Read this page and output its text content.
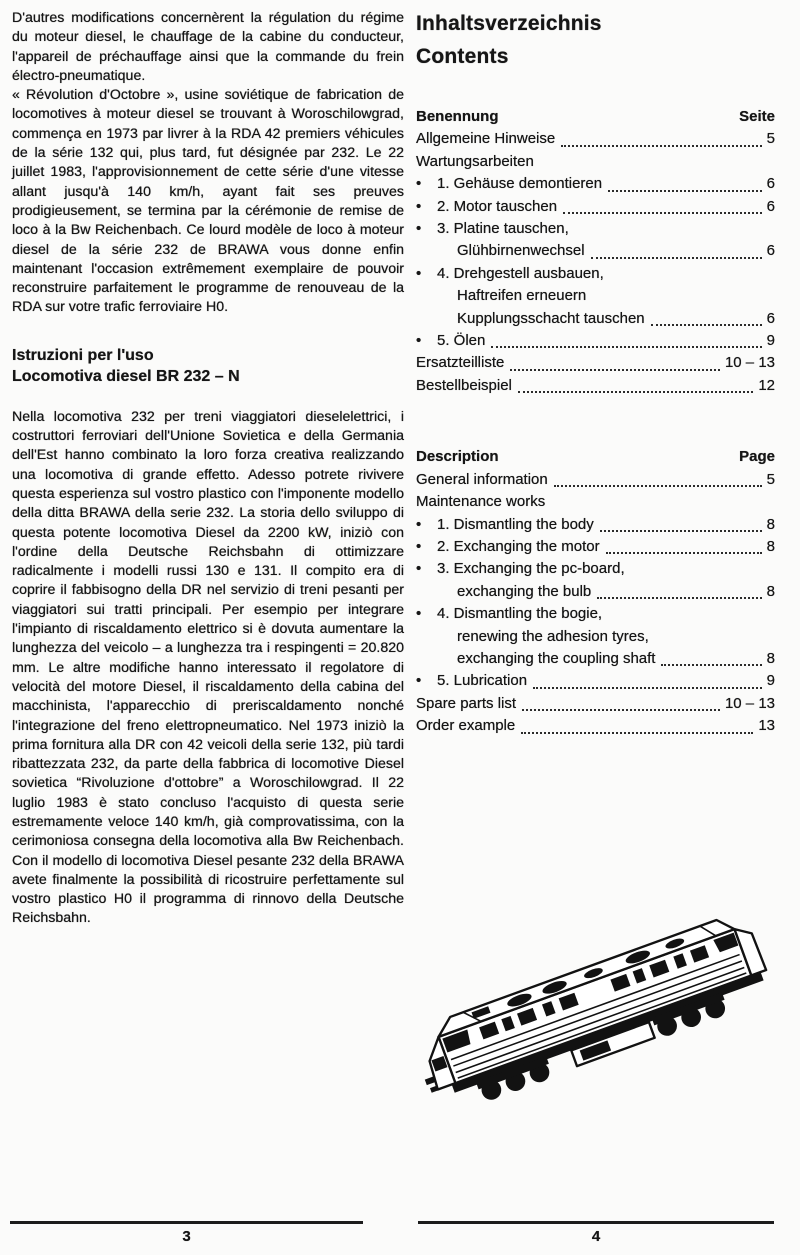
D'autres modifications concernèrent la régulation du régime du moteur diesel, le chauffage de la cabine du conducteur, l'appareil de préchauffage ainsi que la commande du frein électro-pneumatique.

« Révolution d'Octobre », usine soviétique de fabrication de locomotives à moteur diesel se trouvant à Woroschilowgrad, commença en 1973 par livrer à la RDA 42 premiers véhicules de la série 132 qui, plus tard, fut désignée par 232. Le 22 juillet 1983, l'approvisionnement de cette série d'une vitesse allant jusqu'à 140 km/h, ayant fait ses preuves prodigieusement, se termina par la cérémonie de remise de loco à la Bw Reichenbach. Ce lourd modèle de loco à moteur diesel de la série 232 de BRAWA vous donne enfin maintenant l'occasion extrêmement exemplaire de pouvoir reconstruire parfaitement le programme de renouveau de la RDA sur votre trafic ferroviaire H0.

Istruzioni per l'uso
Locomotiva diesel BR 232 – N

Nella locomotiva 232 per treni viaggiatori dieselelettrici, i costruttori ferroviari dell'Unione Sovietica e della Germania dell'Est hanno combinato la loro forza creativa realizzando una locomotiva di grande effetto. Adesso potrete rivivere questa esperienza sul vostro plastico con l'imponente modello della ditta BRAWA della serie 232. La storia dello sviluppo di questa potente locomotiva Diesel da 2200 kW, iniziò con l'ordine della Deutsche Reichsbahn di ottimizzare radicalmente i modelli russi 130 e 131. Il compito era di coprire il fabbisogno della DR nel servizio di treni pesanti per viaggiatori sui tratti principali. Per esempio per integrare l'impianto di riscaldamento elettrico si è dovuta aumentare la lunghezza del veicolo – a lunghezza tra i respingenti = 20.820 mm. Le altre modifiche hanno interessato il regolatore di velocità del motore Diesel, il riscaldamento della cabina del macchinista, l'apparecchio di preriscaldamento nonché l'integrazione del freno elettropneumatico. Nel 1973 iniziò la prima fornitura alla DR con 42 veicoli della serie 132, più tardi ribattezzata 232, da parte della fabbrica di locomotive Diesel sovietica “Rivoluzione d'ottobre” a Woroschilowgrad. Il 22 luglio 1983 è stato concluso l'acquisto di questa serie estremamente veloce 140 km/h, già comprovatissima, con la cerimoniosa consegna della locomotiva alla Bw Reichenbach. Con il modello di locomotiva Diesel pesante 232 della BRAWA avete finalmente la possibilità di ricostruire perfettamente sul vostro plastico H0 il programma di rinnovo della Deutsche Reichsbahn.

Inhaltsverzeichnis
Contents
Benennung	Seite
Allgemeine Hinweise	5
Wartungsarbeiten
•	1. Gehäuse demontieren	6
•	2. Motor tauschen	6
•	3. Platine tauschen,
Glühbirnenwechsel	6
•	4. Drehgestell ausbauen,
Haftreifen erneuern
Kupplungsschacht tauschen	6
•	5. Ölen	9
Ersatzteilliste	10 – 13
Bestellbeispiel	12
Description	Page
General information	5
Maintenance works
•	1. Dismantling the body	8
•	2. Exchanging the motor	8
•	3. Exchanging the pc-board,
exchanging the bulb	8
•	4. Dismantling the bogie,
renewing the adhesion tyres,
exchanging the coupling shaft	8
•	5. Lubrication	9
Spare parts list	10 – 13
Order example	13
3	4
